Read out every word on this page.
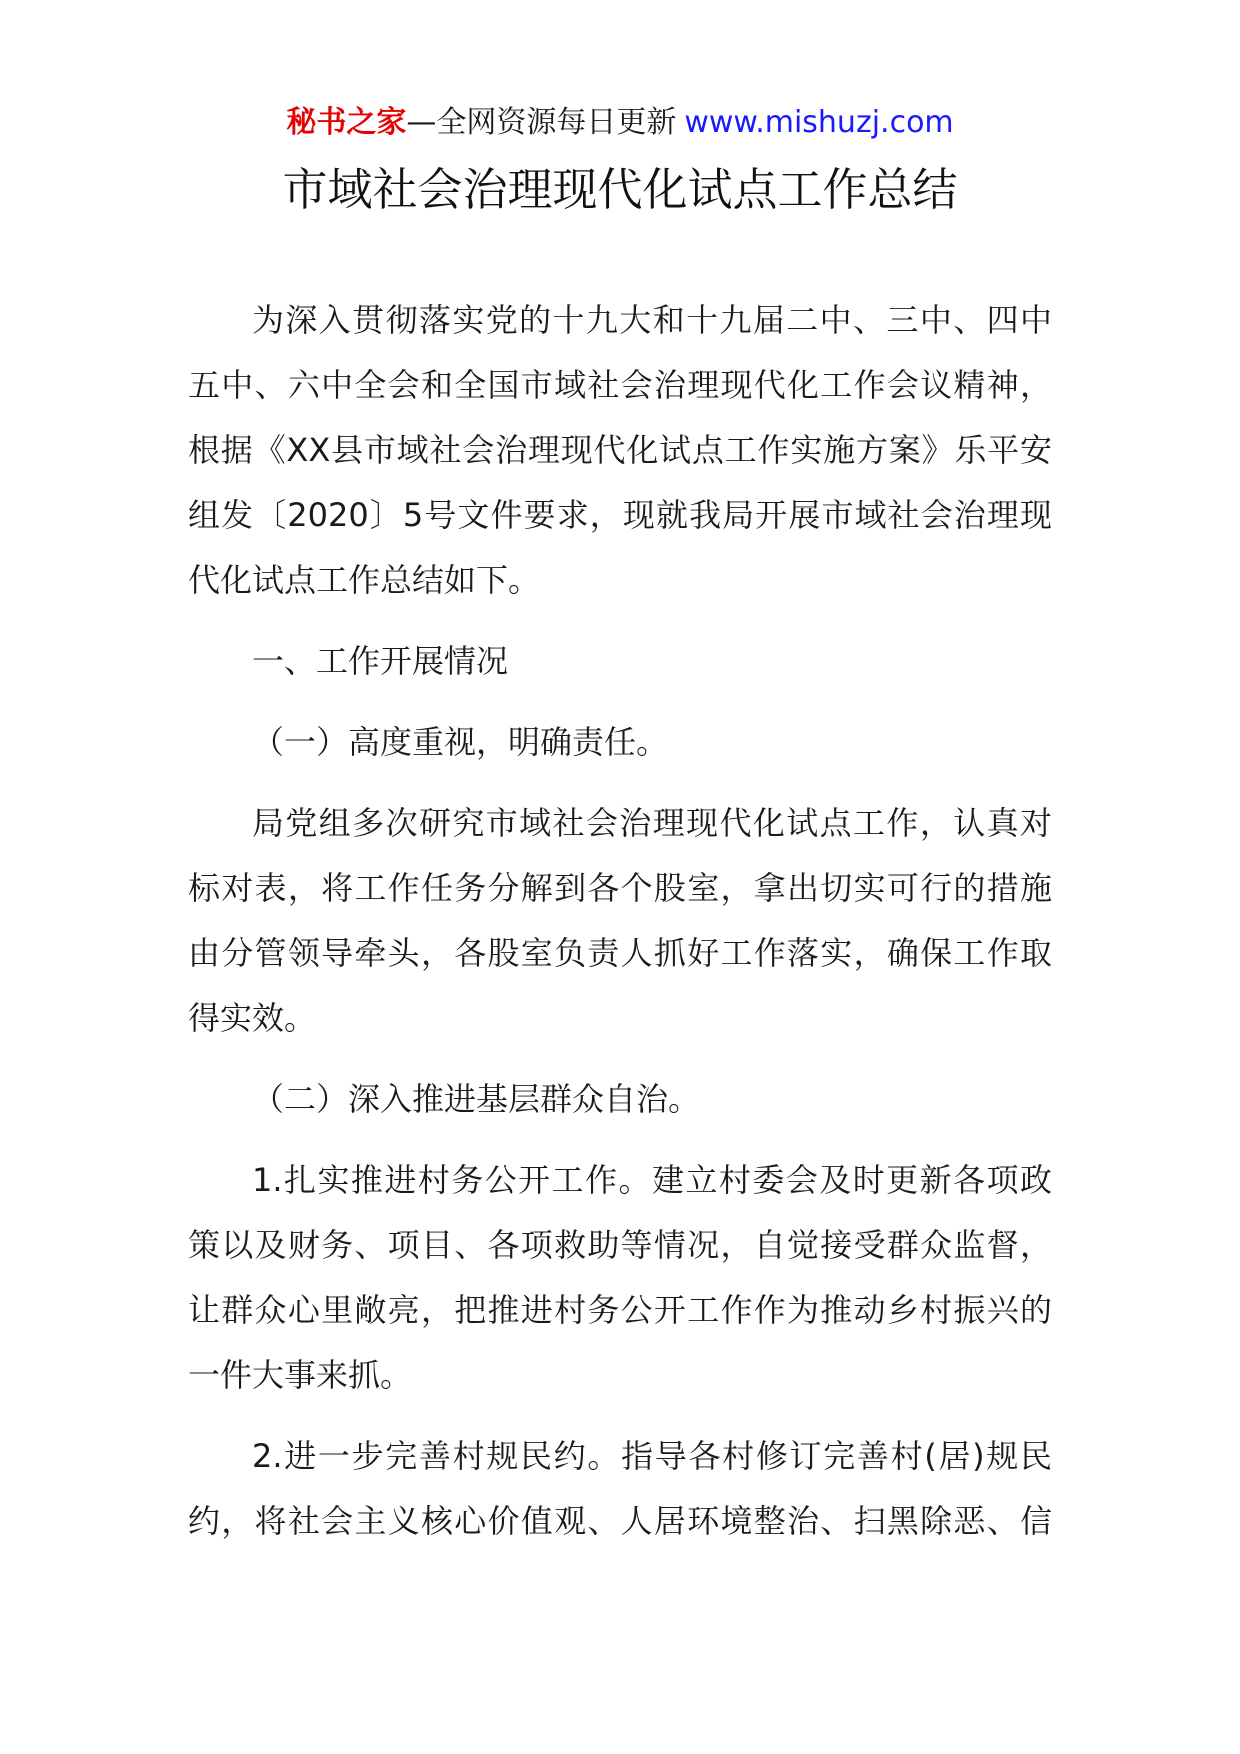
秘书之家—全网资源每日更新 www.mishuzj.com
市域社会治理现代化试点工作总结
为深入贯彻落实党的十九大和十九届二中、三中、四中
五中、六中全会和全国市域社会治理现代化工作会议精神，
根据《XX县市域社会治理现代化试点工作实施方案》乐平安
组发〔2020〕5号文件要求，现就我局开展市域社会治理现
代化试点工作总结如下。
一、工作开展情况
（一）高度重视，明确责任。
局党组多次研究市域社会治理现代化试点工作，认真对
标对表，将工作任务分解到各个股室，拿出切实可行的措施
由分管领导牵头，各股室负责人抓好工作落实，确保工作取
得实效。
（二）深入推进基层群众自治。
1.扎实推进村务公开工作。建立村委会及时更新各项政
策以及财务、项目、各项救助等情况，自觉接受群众监督，
让群众心里敞亮，把推进村务公开工作作为推动乡村振兴的
一件大事来抓。
2.进一步完善村规民约。指导各村修订完善村(居)规民
约，将社会主义核心价值观、人居环境整治、扫黑除恶、信
